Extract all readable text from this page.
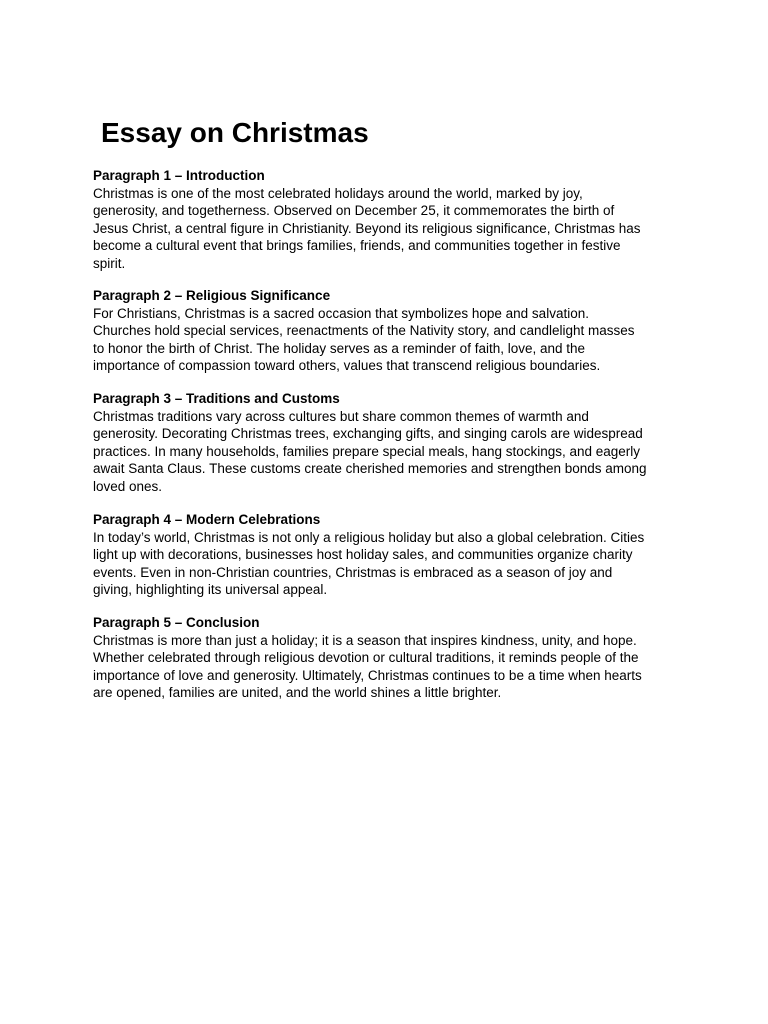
Essay on Christmas
Paragraph 1 – Introduction

Christmas is one of the most celebrated holidays around the world, marked by joy,
generosity, and togetherness. Observed on December 25, it commemorates the birth of
Jesus Christ, a central figure in Christianity. Beyond its religious significance, Christmas has
become a cultural event that brings families, friends, and communities together in festive
spirit.

Paragraph 2 – Religious Significance

For Christians, Christmas is a sacred occasion that symbolizes hope and salvation.
Churches hold special services, reenactments of the Nativity story, and candlelight masses
to honor the birth of Christ. The holiday serves as a reminder of faith, love, and the
importance of compassion toward others, values that transcend religious boundaries.

Paragraph 3 – Traditions and Customs

Christmas traditions vary across cultures but share common themes of warmth and
generosity. Decorating Christmas trees, exchanging gifts, and singing carols are widespread
practices. In many households, families prepare special meals, hang stockings, and eagerly
await Santa Claus. These customs create cherished memories and strengthen bonds among
loved ones.

Paragraph 4 – Modern Celebrations

In today’s world, Christmas is not only a religious holiday but also a global celebration. Cities
light up with decorations, businesses host holiday sales, and communities organize charity
events. Even in non-Christian countries, Christmas is embraced as a season of joy and
giving, highlighting its universal appeal.

Paragraph 5 – Conclusion

Christmas is more than just a holiday; it is a season that inspires kindness, unity, and hope.
Whether celebrated through religious devotion or cultural traditions, it reminds people of the
importance of love and generosity. Ultimately, Christmas continues to be a time when hearts
are opened, families are united, and the world shines a little brighter.
